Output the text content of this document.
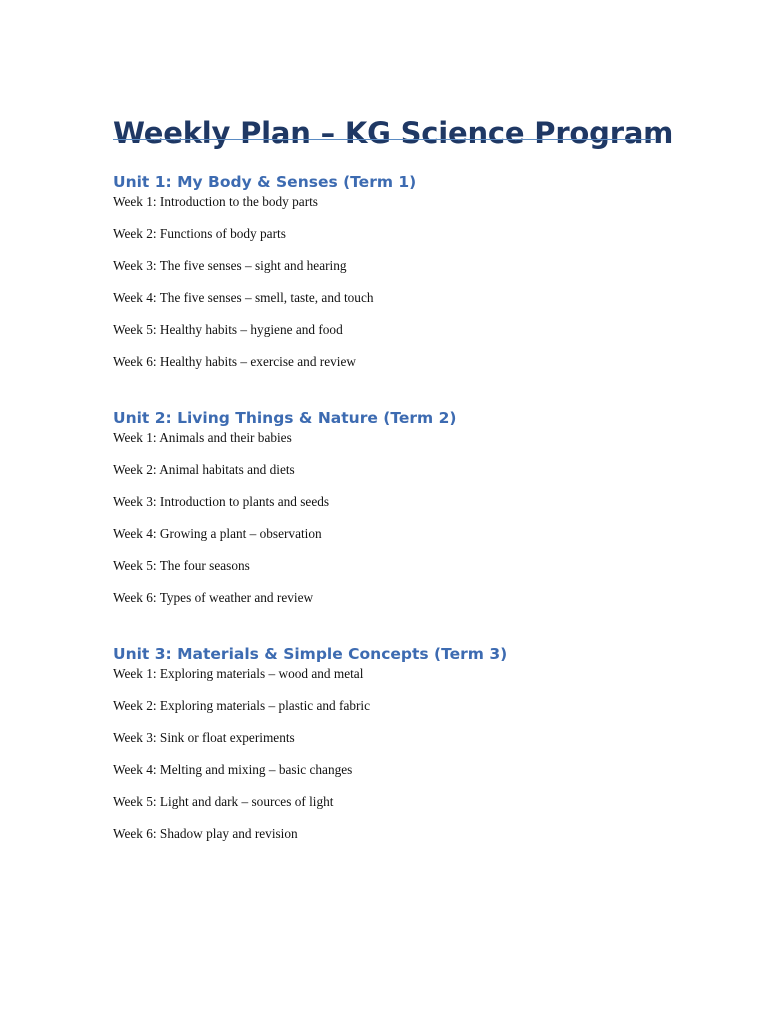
Weekly Plan – KG Science Program
Unit 1: My Body & Senses (Term 1)
Week 1: Introduction to the body parts
Week 2: Functions of body parts
Week 3: The five senses – sight and hearing
Week 4: The five senses – smell, taste, and touch
Week 5: Healthy habits – hygiene and food
Week 6: Healthy habits – exercise and review
Unit 2: Living Things & Nature (Term 2)
Week 1: Animals and their babies
Week 2: Animal habitats and diets
Week 3: Introduction to plants and seeds
Week 4: Growing a plant – observation
Week 5: The four seasons
Week 6: Types of weather and review
Unit 3: Materials & Simple Concepts (Term 3)
Week 1: Exploring materials – wood and metal
Week 2: Exploring materials – plastic and fabric
Week 3: Sink or float experiments
Week 4: Melting and mixing – basic changes
Week 5: Light and dark – sources of light
Week 6: Shadow play and revision
